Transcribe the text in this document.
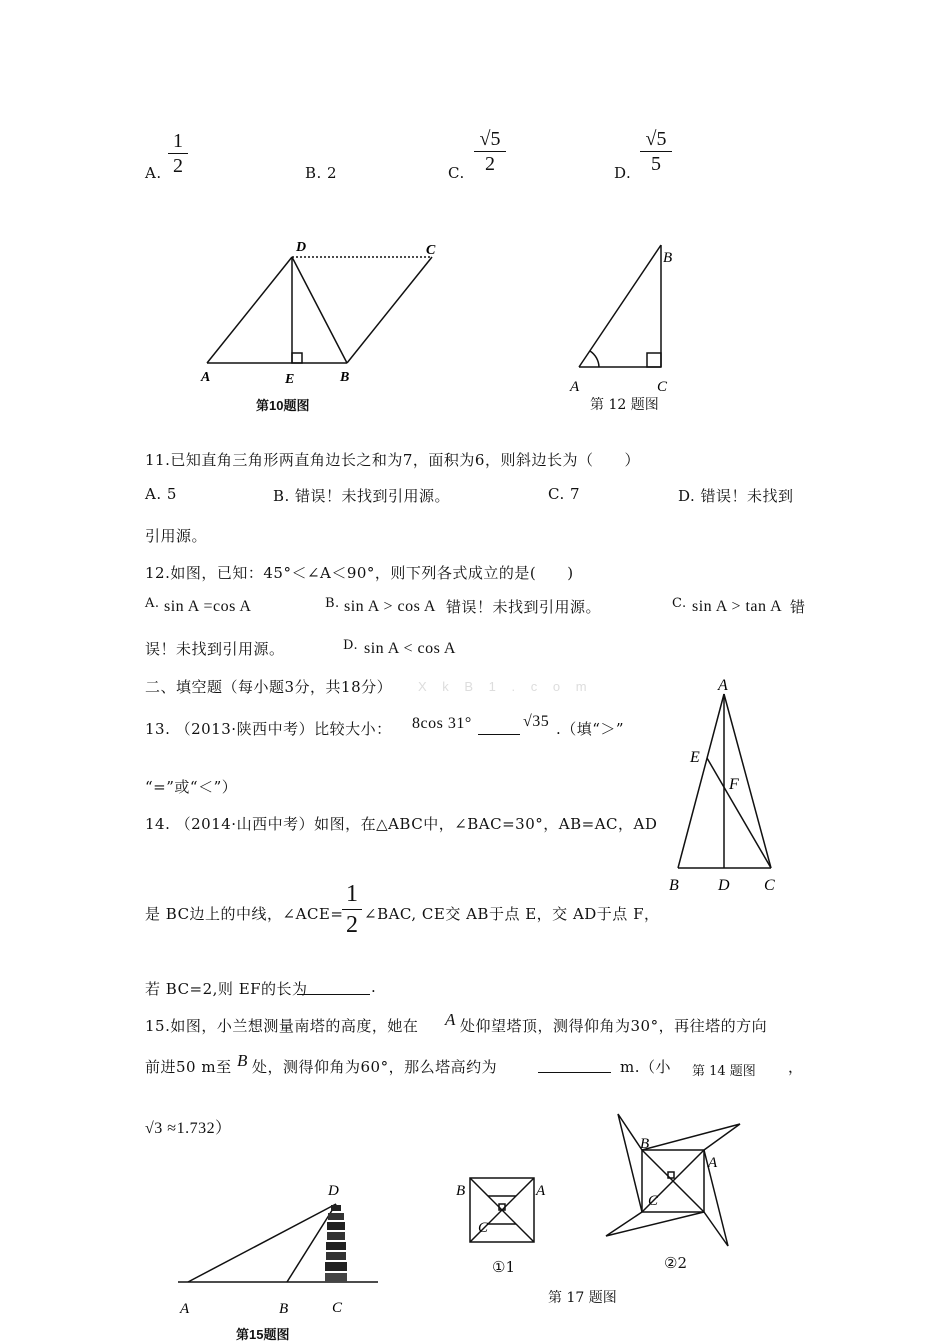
A.
1
2	B. 2	C.
√5
2	D.
√5
5
A	E	B
D	C
第10题图
A	C
B
第 12 题图
11.已知直角三角形两直角边长之和为7，面积为6，则斜边长为（　　）
A. 5	B. 错误！未找到引用源。	C. 7	D. 错误！未找到
引用源。
12.如图，已知：45°＜∠A＜90°，则下列各式成立的是(　　)
A. sin A =cos A	B. sin A > cos A 错误！未找到引用源。	C. sin A > tan A 错
误！未找到引用源。	D. sin A < cos A
二、填空题（每小题3分，共18分） X k B 1 . c o m	A
E
F
B D C
13. （2013·陕西中考）比较大小： 8cos 31°	√35 .（填“＞”
“=”或“＜”）
14. （2014·山西中考）如图，在△ABC中，∠BAC=30°，AB=AC，AD
是 BC边上的中线，∠ACE=
1
2 ∠BAC, CE交 AB于点 E，交 AD于点 F，
若 BC=2,则 EF的长为	.
15.如图，小兰想测量南塔的高度，她在 A 处仰望塔顶，测得仰角为30°，再往塔的方向
前进50 m至 B 处，测得仰角为60°，那么塔高约为	m.（小 第 14 题图 ，
√3 ≈1.732）
A	B	C
D
第15题图
B	A
C
①1
B
A
C
②2
第 17 题图
